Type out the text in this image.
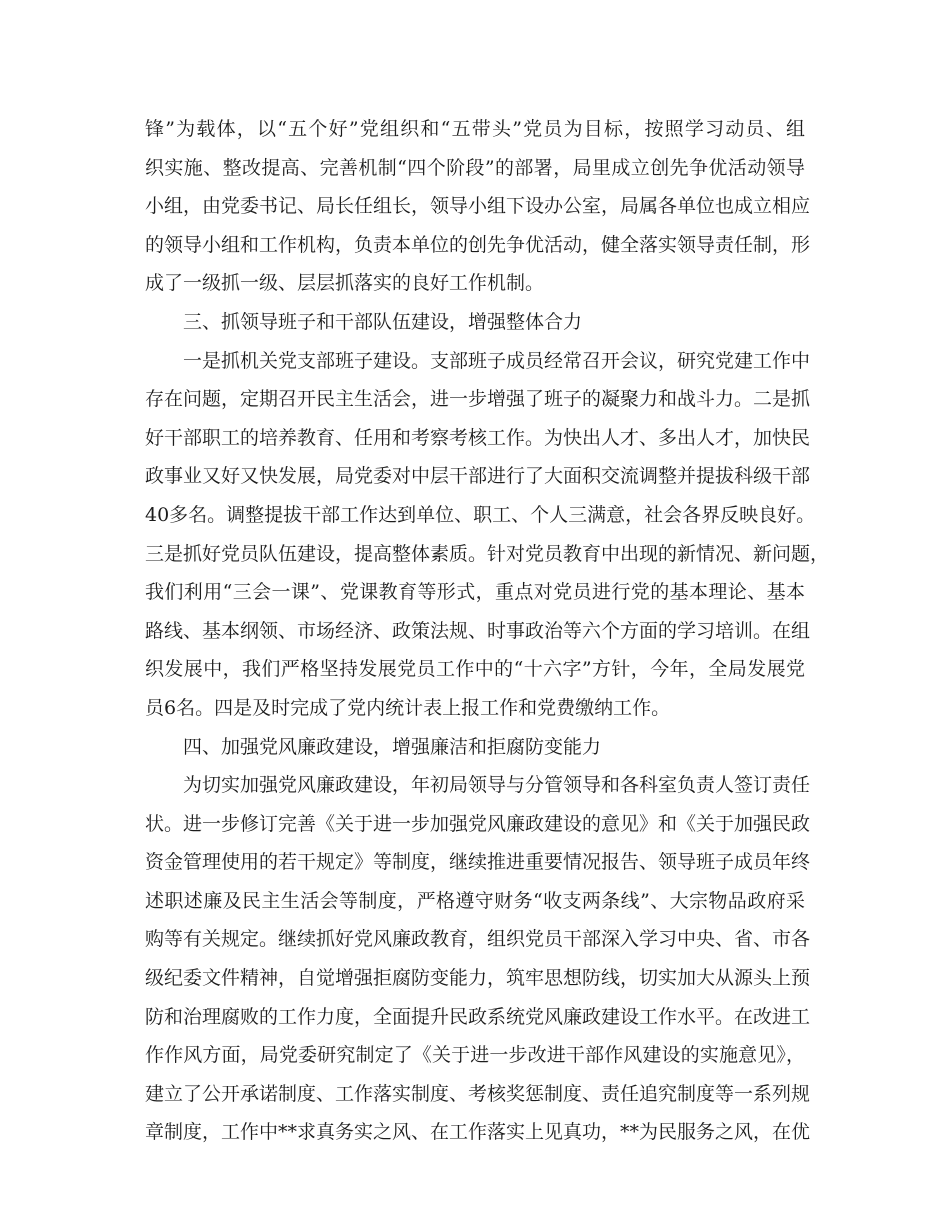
锋”为载体，以“五个好”党组织和“五带头”党员为目标，按照学习动员、组
织实施、整改提高、完善机制“四个阶段”的部署，局里成立创先争优活动领导
小组，由党委书记、局长任组长，领导小组下设办公室，局属各单位也成立相应
的领导小组和工作机构，负责本单位的创先争优活动，健全落实领导责任制，形
成了一级抓一级、层层抓落实的良好工作机制。
三、抓领导班子和干部队伍建设，增强整体合力
一是抓机关党支部班子建设。支部班子成员经常召开会议，研究党建工作中
存在问题，定期召开民主生活会，进一步增强了班子的凝聚力和战斗力。二是抓
好干部职工的培养教育、任用和考察考核工作。为快出人才、多出人才，加快民
政事业又好又快发展，局党委对中层干部进行了大面积交流调整并提拔科级干部
40多名。调整提拔干部工作达到单位、职工、个人三满意，社会各界反映良好。
三是抓好党员队伍建设，提高整体素质。针对党员教育中出现的新情况、新问题，
我们利用“三会一课”、党课教育等形式，重点对党员进行党的基本理论、基本
路线、基本纲领、市场经济、政策法规、时事政治等六个方面的学习培训。在组
织发展中，我们严格坚持发展党员工作中的“十六字”方针，今年，全局发展党
员6名。四是及时完成了党内统计表上报工作和党费缴纳工作。
四、加强党风廉政建设，增强廉洁和拒腐防变能力
为切实加强党风廉政建设，年初局领导与分管领导和各科室负责人签订责任
状。进一步修订完善《关于进一步加强党风廉政建设的意见》和《关于加强民政
资金管理使用的若干规定》等制度，继续推进重要情况报告、领导班子成员年终
述职述廉及民主生活会等制度，严格遵守财务“收支两条线”、大宗物品政府采
购等有关规定。继续抓好党风廉政教育，组织党员干部深入学习中央、省、市各
级纪委文件精神，自觉增强拒腐防变能力，筑牢思想防线，切实加大从源头上预
防和治理腐败的工作力度，全面提升民政系统党风廉政建设工作水平。在改进工
作作风方面，局党委研究制定了《关于进一步改进干部作风建设的实施意见》，
建立了公开承诺制度、工作落实制度、考核奖惩制度、责任追究制度等一系列规
章制度，工作中**求真务实之风、在工作落实上见真功，**为民服务之风，在优
